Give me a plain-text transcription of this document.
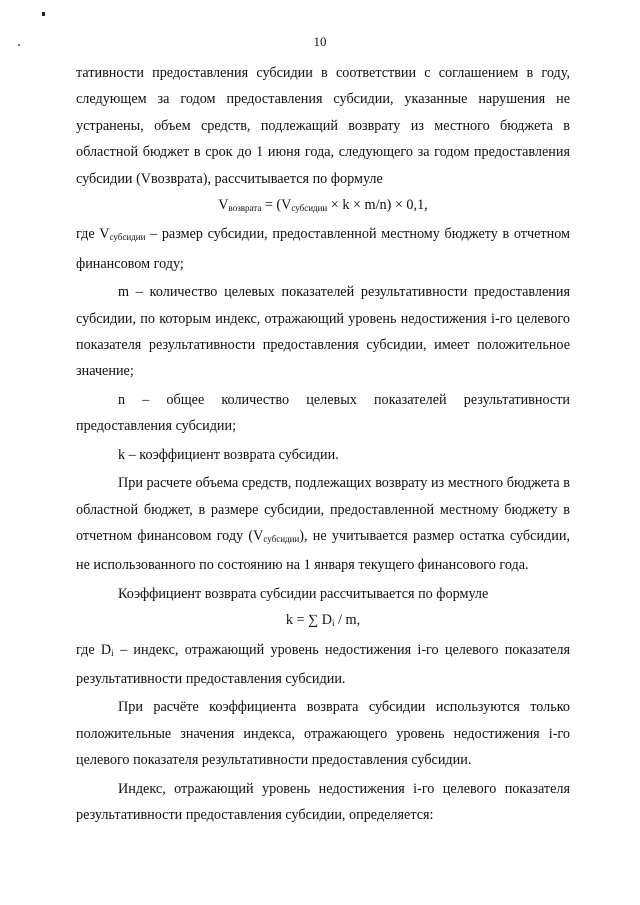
10

тативности предоставления субсидии в соответствии с соглашением в году, следующем за годом предоставления субсидии, указанные нарушения не устранены, объем средств, подлежащий возврату из местного бюджета в областной бюджет в срок до 1 июня года, следующего за годом предоставления субсидии (Vвозврата), рассчитывается по формуле

$V_{возврата} = (V_{субсидии} \times k \times m/n) \times 0,1$,

где $V_{субсидии}$ – размер субсидии, предоставленной местному бюджету в отчетном финансовом году;

m – количество целевых показателей результативности предоставления субсидии, по которым индекс, отражающий уровень недостижения i-го целевого показателя результативности предоставления субсидии, имеет положительное значение;

n – общее количество целевых показателей результативности предоставления субсидии;

k – коэффициент возврата субсидии.

При расчете объема средств, подлежащих возврату из местного бюджета в областной бюджет, в размере субсидии, предоставленной местному бюджету в отчетном финансовом году $(V_{субсидии})$, не учитывается размер остатка субсидии, не использованного по состоянию на 1 января текущего финансового года.

Коэффициент возврата субсидии рассчитывается по формуле

k = ∑ $D_i$ / m,

где $D_i$ – индекс, отражающий уровень недостижения i-го целевого показателя результативности предоставления субсидии.

При расчёте коэффициента возврата субсидии используются только положительные значения индекса, отражающего уровень недостижения i-го целевого показателя результативности предоставления субсидии.

Индекс, отражающий уровень недостижения i-го целевого показателя результативности предоставления субсидии, определяется:
